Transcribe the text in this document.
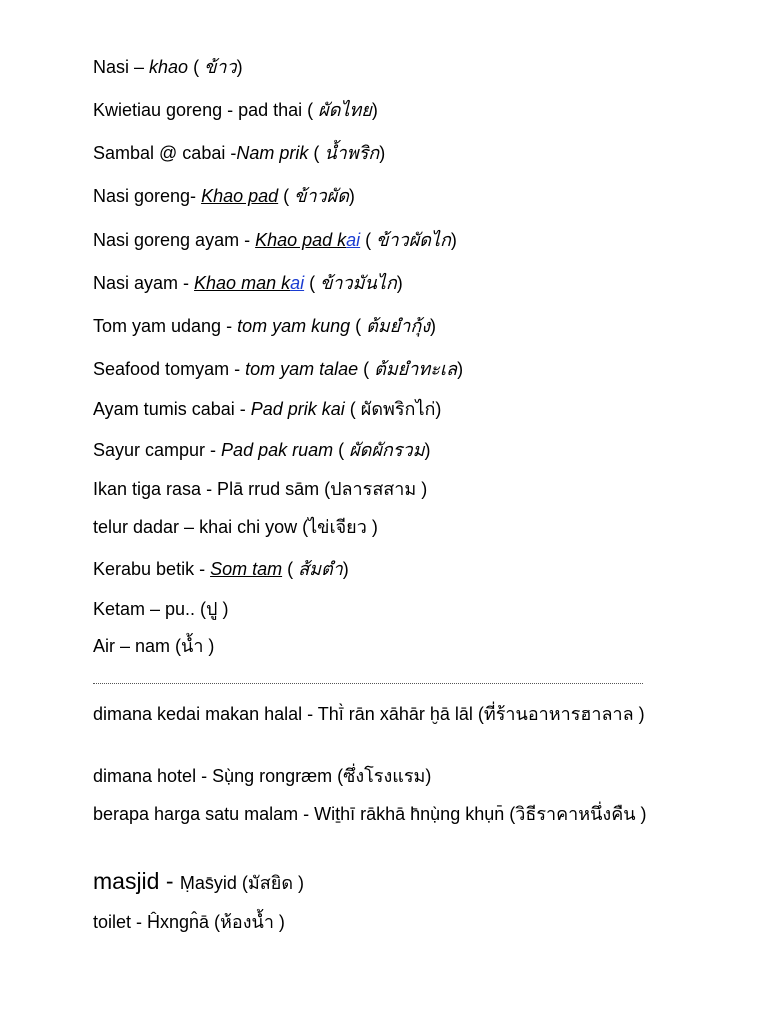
Nasi – khao ( ข้าว)
Kwietiau goreng - pad thai ( ผัดไทย)
Sambal @ cabai -Nam prik ( น้ำพริก)
Nasi goreng- Khao pad ( ข้าวผัด)
Nasi goreng ayam - Khao pad kai ( ข้าวผัดไก)
Nasi ayam - Khao man kai ( ข้าวมันไก)
Tom yam udang - tom yam kung ( ต้มยำกุ้ง)
Seafood tomyam - tom yam talae ( ต้มยำทะเล)
Ayam tumis cabai - Pad prik kai ( ผัดพริกไก่)
Sayur campur - Pad pak ruam ( ผัดผักรวม)
Ikan tiga rasa - Plā rrud sām (ปลารสสาม )
telur dadar – khai chi yow (ไข่เจียว )
Kerabu betik - Som tam ( ส้มตำ)
Ketam – pu.. (ปู )
Air – nam (น้ำ )
dimana kedai makan halal - Thī̀ rān xāhār ḫā lāl (ที่ร้านอาหารฮาลาล )
dimana hotel - Sụ̀ng rongræm (ซึ่งโรงแรม)
berapa harga satu malam - Wiṯhī rākhā h̄nụ̀ng khụn̄ (วิธีราคาหนึ่งคืน )
masjid - Ṃas̄yid (มัสยิด )
toilet - Ĥxngn̂ā (ห้องน้ำ )
